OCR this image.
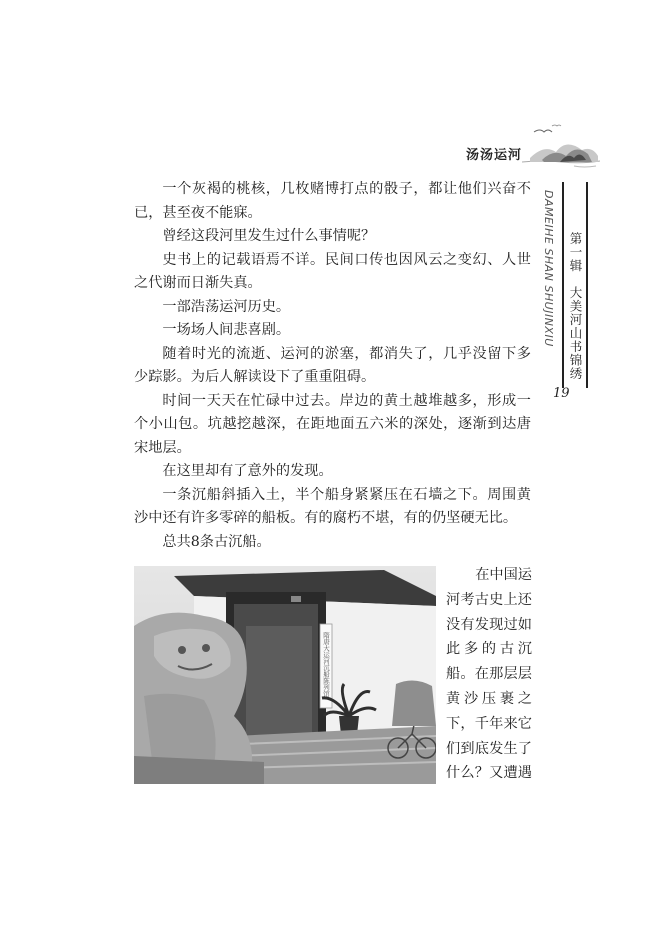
汤汤运河
DAMEIHE SHAN SHUJINXIU 第一辑　大美河山书锦绣
19

一个灰褐的桃核，几枚赌博打点的骰子，都让他们兴奋不已，甚至夜不能寐。

曾经这段河里发生过什么事情呢？

史书上的记载语焉不详。民间口传也因风云之变幻、人世之代谢而日渐失真。

一部浩荡运河历史。

一场场人间悲喜剧。

随着时光的流逝、运河的淤塞，都消失了，几乎没留下多少踪影。为后人解读设下了重重阻碍。

时间一天天在忙碌中过去。岸边的黄土越堆越多，形成一个小山包。坑越挖越深，在距地面五六米的深处，逐渐到达唐宋地层。

在这里却有了意外的发现。

一条沉船斜插入土，半个船身紧紧压在石墙之下。周围黄沙中还有许多零碎的船板。有的腐朽不堪，有的仍坚硬无比。

总共8条古沉船。

隋唐大运河沉船陈列馆
在中国运
河考古史上还
没有发现过如
此多的古沉
船。在那层层
黄沙压裹之
下，千年来它
们到底发生了
什么？又遭遇
